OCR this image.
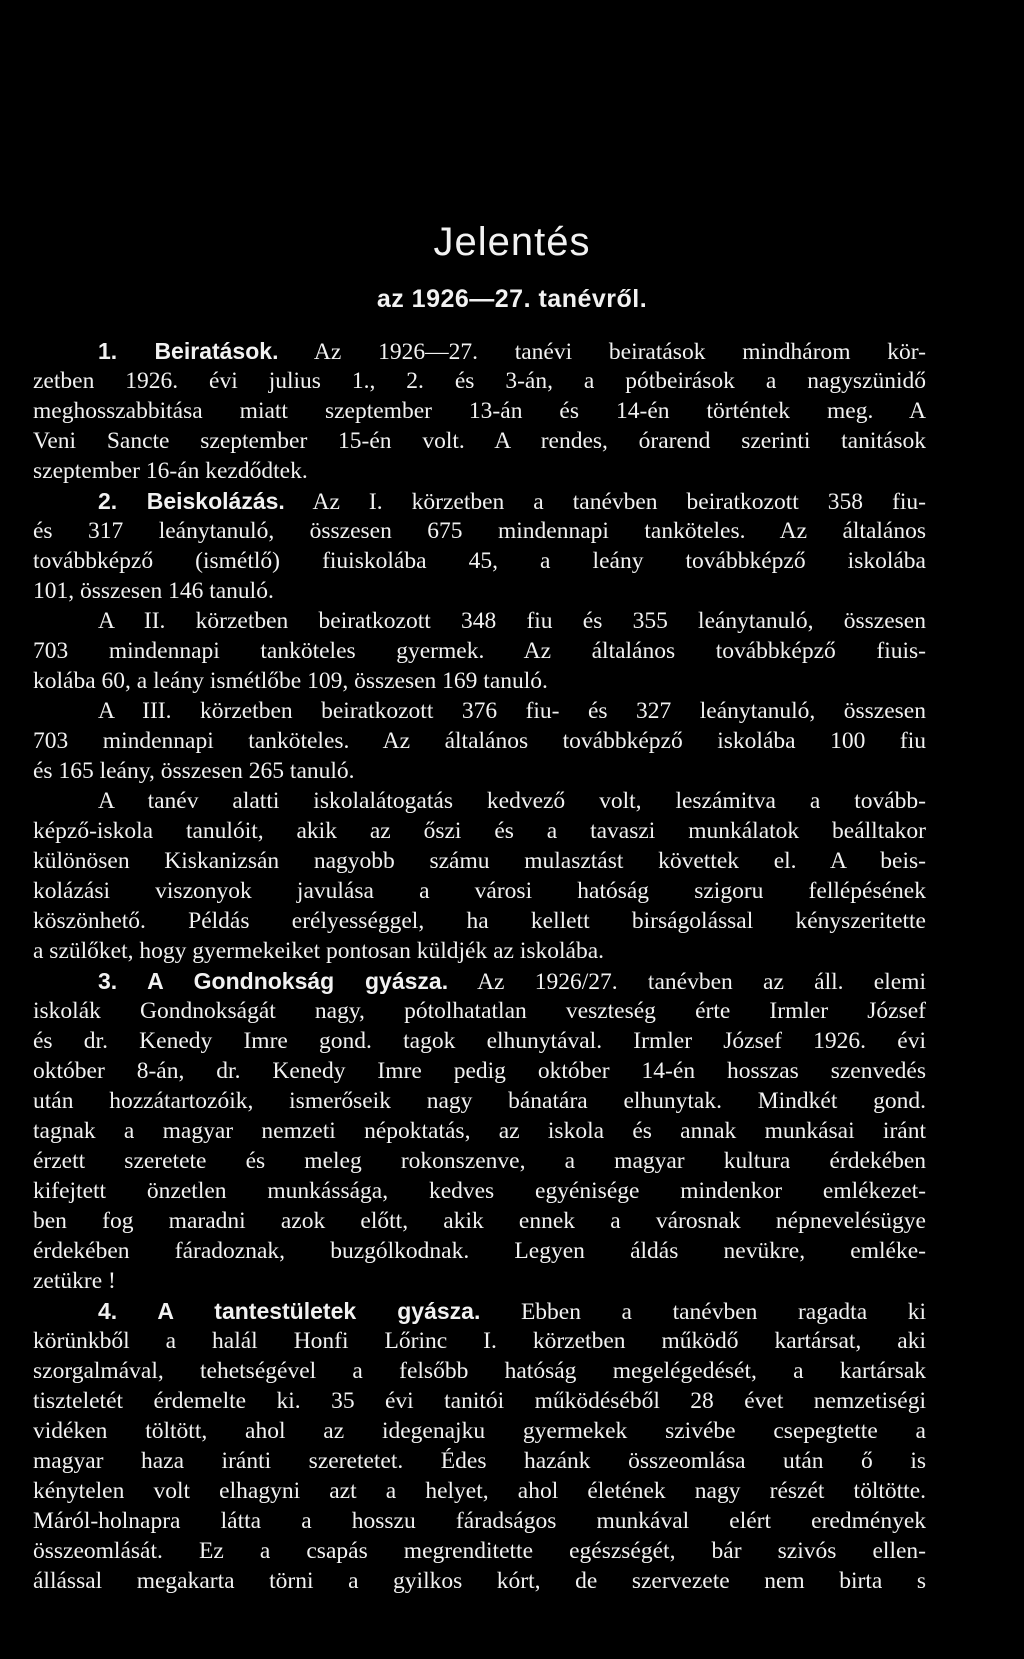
Jelentés
az 1926—27. tanévről.
1. Beiratások. Az 1926—27. tanévi beiratások mindhárom kör-
zetben 1926. évi julius 1., 2. és 3-án, a pótbeirások a nagyszünidő
meghosszabbitása miatt szeptember 13-án és 14-én történtek meg. A
Veni Sancte szeptember 15-én volt. A rendes, órarend szerinti tanitások
szeptember 16-án kezdődtek.
2. Beiskolázás. Az I. körzetben a tanévben beiratkozott 358 fiu-
és 317 leánytanuló, összesen 675 mindennapi tanköteles. Az általános
továbbképző (ismétlő) fiuiskolába 45, a leány továbbképző iskolába
101, összesen 146 tanuló.
A II. körzetben beiratkozott 348 fiu és 355 leánytanuló, összesen
703 mindennapi tanköteles gyermek. Az általános továbbképző fiuis-
kolába 60, a leány ismétlőbe 109, összesen 169 tanuló.
A III. körzetben beiratkozott 376 fiu- és 327 leánytanuló, összesen
703 mindennapi tanköteles. Az általános továbbképző iskolába 100 fiu
és 165 leány, összesen 265 tanuló.
A tanév alatti iskolalátogatás kedvező volt, leszámitva a tovább-
képző-iskola tanulóit, akik az őszi és a tavaszi munkálatok beálltakor
különösen Kiskanizsán nagyobb számu mulasztást követtek el. A beis-
kolázási viszonyok javulása a városi hatóság szigoru fellépésének
köszönhető. Példás erélyességgel, ha kellett birságolással kényszeritette
a szülőket, hogy gyermekeiket pontosan küldjék az iskolába.
3. A Gondnokság gyásza. Az 1926/27. tanévben az áll. elemi
iskolák Gondnokságát nagy, pótolhatatlan veszteség érte Irmler József
és dr. Kenedy Imre gond. tagok elhunytával. Irmler József 1926. évi
október 8-án, dr. Kenedy Imre pedig október 14-én hosszas szenvedés
után hozzátartozóik, ismerőseik nagy bánatára elhunytak. Mindkét gond.
tagnak a magyar nemzeti népoktatás, az iskola és annak munkásai iránt
érzett szeretete és meleg rokonszenve, a magyar kultura érdekében
kifejtett önzetlen munkássága, kedves egyénisége mindenkor emlékezet-
ben fog maradni azok előtt, akik ennek a városnak népnevelésügye
érdekében fáradoznak, buzgólkodnak. Legyen áldás nevükre, emléke-
zetükre !
4. A tantestületek gyásza. Ebben a tanévben ragadta ki
körünkből a halál Honfi Lőrinc I. körzetben működő kartársat, aki
szorgalmával, tehetségével a felsőbb hatóság megelégedését, a kartársak
tiszteletét érdemelte ki. 35 évi tanitói működéséből 28 évet nemzetiségi
vidéken töltött, ahol az idegenajku gyermekek szivébe csepegtette a
magyar haza iránti szeretetet. Édes hazánk összeomlása után ő is
kénytelen volt elhagyni azt a helyet, ahol életének nagy részét töltötte.
Máról-holnapra látta a hosszu fáradságos munkával elért eredmények
összeomlását. Ez a csapás megrenditette egészségét, bár szivós ellen-
állással megakarta törni a gyilkos kórt, de szervezete nem birta s
